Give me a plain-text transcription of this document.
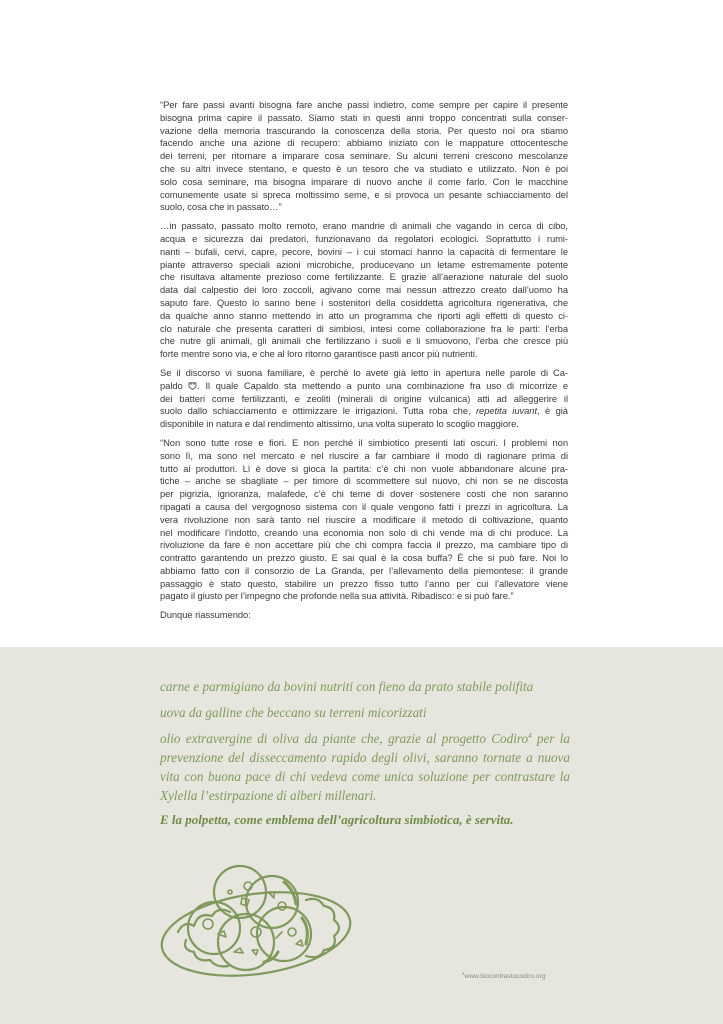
“Per fare passi avanti bisogna fare anche passi indietro, come sempre per capire il presente
bisogna prima capire il passato. Siamo stati in questi anni troppo concentrati sulla conser-
vazione della memoria trascurando la conoscenza della storia. Per questo noi ora stiamo
facendo anche una azione di recupero: abbiamo iniziato con le mappature ottocentesche
dei terreni, per ritornare a imparare cosa seminare. Su alcuni terreni crescono mescolanze
che su altri invece stentano, e questo è un tesoro che va studiato e utilizzato. Non è poi
solo cosa seminare, ma bisogna imparare di nuovo anche il come farlo. Con le macchine
comunemente usate si spreca moltissimo seme, e si provoca un pesante schiacciamento del
suolo, cosa che in passato…”
…in passato, passato molto remoto, erano mandrie di animali che vagando in cerca di cibo,
acqua e sicurezza dai predatori, funzionavano da regolatori ecologici. Soprattutto i rumi-
nanti – bufali, cervi, capre, pecore, bovini – i cui stomaci hanno la capacità di fermentare le
piante attraverso speciali azioni microbiche, producevano un letame estremamente potente
che risultava altamente prezioso come fertilizzante. E grazie all’aerazione naturale del suolo
data dal calpestio dei loro zoccoli, agivano come mai nessun attrezzo creato dall’uomo ha
saputo fare. Questo lo sanno bene i sostenitori della cosiddetta agricoltura rigenerativa, che
da qualche anno stanno mettendo in atto un programma che riporti agli effetti di questo ci-
clo naturale che presenta caratteri di simbiosi, intesi come collaborazione fra le parti: l’erba
che nutre gli animali, gli animali che fertilizzano i suoli e li smuovono, l’erba che cresce più
forte mentre sono via, e che al loro ritorno garantisce pasti ancor più nutrienti.
Se il discorso vi suona familiare, è perché lo avete già letto in apertura nelle parole di Ca-
paldo . Il quale Capaldo sta mettendo a punto una combinazione fra uso di micorrize e
dei batteri come fertilizzanti, e zeoliti (minerali di origine vulcanica) atti ad alleggerire il
suolo dallo schiacciamento e ottimizzare le irrigazioni. Tutta roba che, repetita iuvant, è già
disponibile in natura e dal rendimento altissimo, una volta superato lo scoglio maggiore.
“Non sono tutte rose e fiori. E non perché il simbiotico presenti lati oscuri. I problemi non
sono lì, ma sono nel mercato e nel riuscire a far cambiare il modo di ragionare prima di
tutto ai produttori. Lì è dove si gioca la partita: c’è chi non vuole abbandonare alcune pra-
tiche – anche se sbagliate – per timore di scommettere sul nuovo, chi non se ne discosta
per pigrizia, ignoranza, malafede, c’è chi teme di dover sostenere costi che non saranno
ripagati a causa del vergognoso sistema con il quale vengono fatti i prezzi in agricoltura. La
vera rivoluzione non sarà tanto nel riuscire a modificare il metodo di coltivazione, quanto
nel modificare l’indotto, creando una economia non solo di chi vende ma di chi produce. La
rivoluzione da fare è non accettare più che chi compra faccia il prezzo, ma cambiare tipo di
contratto garantendo un prezzo giusto. E sai qual è la cosa buffa? È che si può fare. Noi lo
abbiamo fatto con il consorzio de La Granda, per l’allevamento della piemontese: il grande
passaggio è stato questo, stabilire un prezzo fisso tutto l’anno per cui l’allevatore viene
pagato il giusto per l’impegno che profonde nella sua attività. Ribadisco: e si può fare.”
Dunque riassumendo:
carne e parmigiano da bovini nutriti con fieno da prato stabile polifita
uova da galline che beccano su terreni micorizzati
olio extravergine di oliva da piante che, grazie al progetto Codiro$^4$ per la
prevenzione del disseccamento rapido degli olivi, saranno tornate a nuova
vita con buona pace di chi vedeva come unica soluzione per contrastare la
Xylella l’estirpazione di alberi millenari.
E la polpetta, come emblema dell’agricoltura simbiotica, è servita.
$^4$www.biocontrastocodiro.org
